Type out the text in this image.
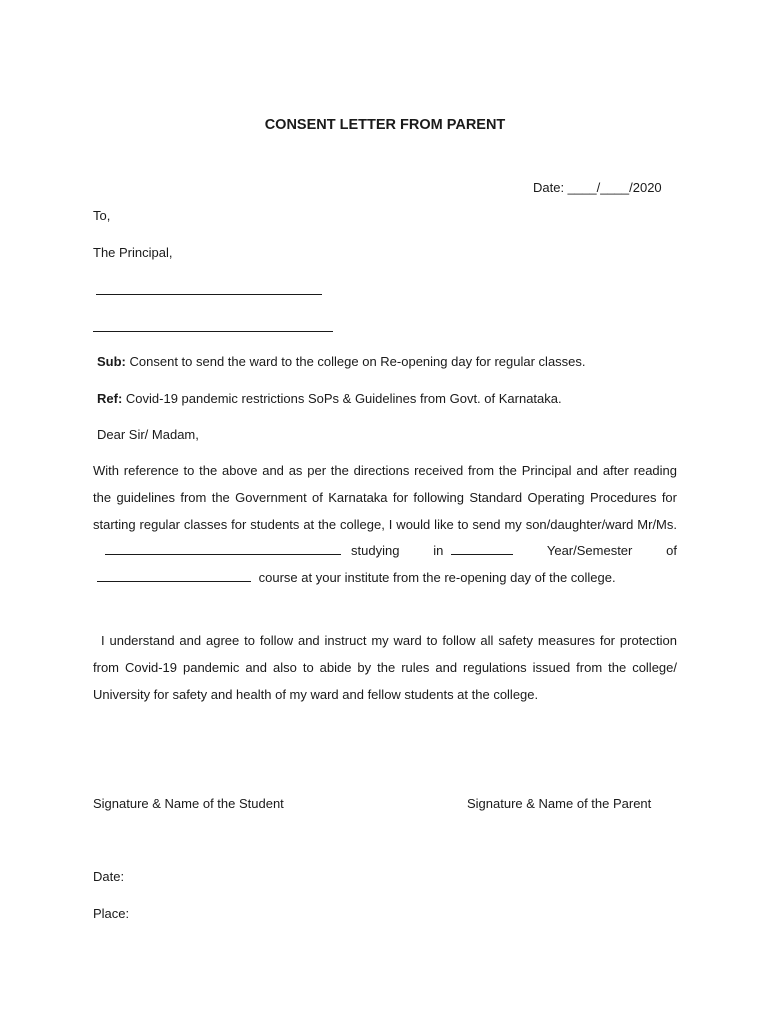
CONSENT LETTER FROM PARENT
Date: ____/____/2020
To,
The Principal,
Sub: Consent to send the ward to the college on Re-opening day for regular classes.
Ref: Covid-19 pandemic restrictions SoPs & Guidelines from Govt. of Karnataka.
Dear Sir/ Madam,
With reference to the above and as per the directions received from the Principal and after reading the guidelines from the Government of Karnataka for following Standard Operating Procedures for starting regular classes for students at the college, I would like to send my son/daughter/ward Mr/Ms.studying in	Year/Semester of course at your institute from the re-opening day of the college.
I understand and agree to follow and instruct my ward to follow all safety measures for protection from Covid-19 pandemic and also to abide by the rules and regulations issued from the college/ University for safety and health of my ward and fellow students at the college.
Signature & Name of the Student	Signature & Name of the Parent
Date:
Place:
